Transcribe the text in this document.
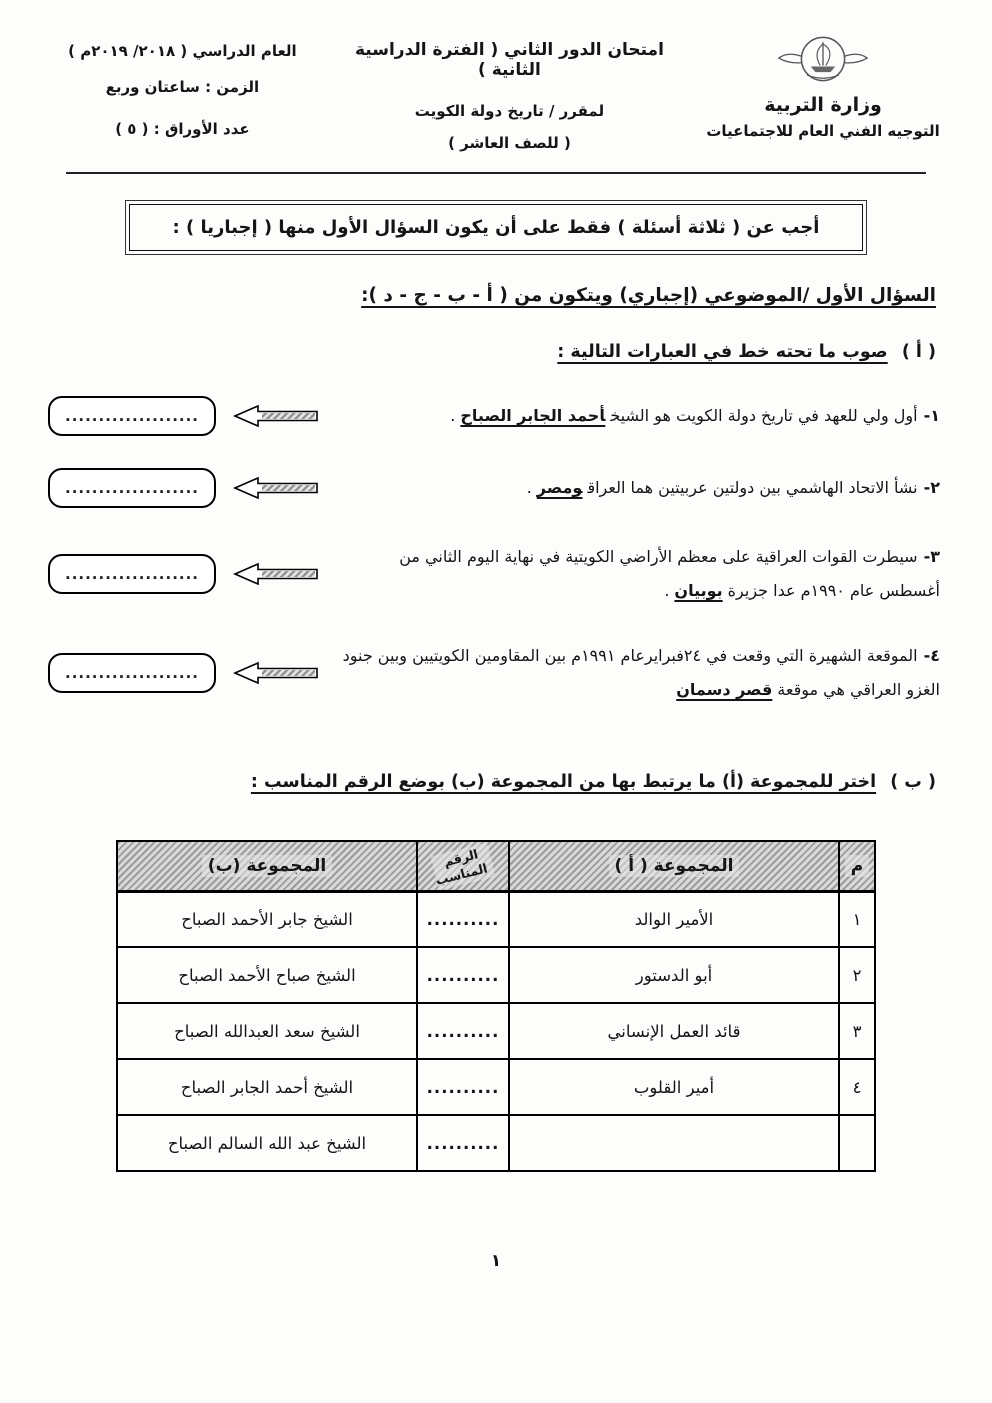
وزارة التربية
التوجيه الفني العام للاجتماعيات
امتحان الدور الثاني ( الفترة الدراسية الثانية )
لمقرر / تاريخ دولة الكويت
( للصف العاشر )
العام الدراسي ( ٢٠١٨/ ٢٠١٩م )
الزمن : ساعتان وربع
عدد الأوراق : ( ٥ )
أجب عن ( ثلاثة أسئلة ) فقط على أن يكون السؤال الأول منها ( إجباريا ) :
السؤال الأول /الموضوعي (إجباري) ويتكون من ( أ - ب - ج - د ):
( أ ) صوب ما تحته خط في العبارات التالية :
١-أول ولي للعهد في تاريخ دولة الكويت هو الشيخأحمد الجابر الصباح.
....................
٢-نشأ الاتحاد الهاشمي بين دولتين عربيتين هما العراقومصر.
....................
٣-سيطرت القوات العراقية على معظم الأراضي الكويتية في نهاية اليوم الثاني من أغسطس عام ١٩٩٠م عدا جزيرةبوبيان.
....................
٤-الموقعة الشهيرة التي وقعت في ٢٤فبرايرعام ١٩٩١م بين المقاومين الكويتيين وبين جنود الغزو العراقي هي موقعةقصر دسمان
....................
( ب ) اختر للمجموعة (أ) ما يرتبط بها من المجموعة (ب) بوضع الرقم المناسب :
م	المجموعة ( أ )	الرقم المناسب	المجموعة (ب)
١	الأمير الوالد	..........	الشيخ جابر الأحمد الصباح
٢	أبو الدستور	..........	الشيخ صباح الأحمد الصباح
٣	قائد العمل الإنساني	..........	الشيخ سعد العبدالله الصباح
٤	أمير القلوب	..........	الشيخ أحمد الجابر الصباح
		..........	الشيخ عبد الله السالم الصباح
١
